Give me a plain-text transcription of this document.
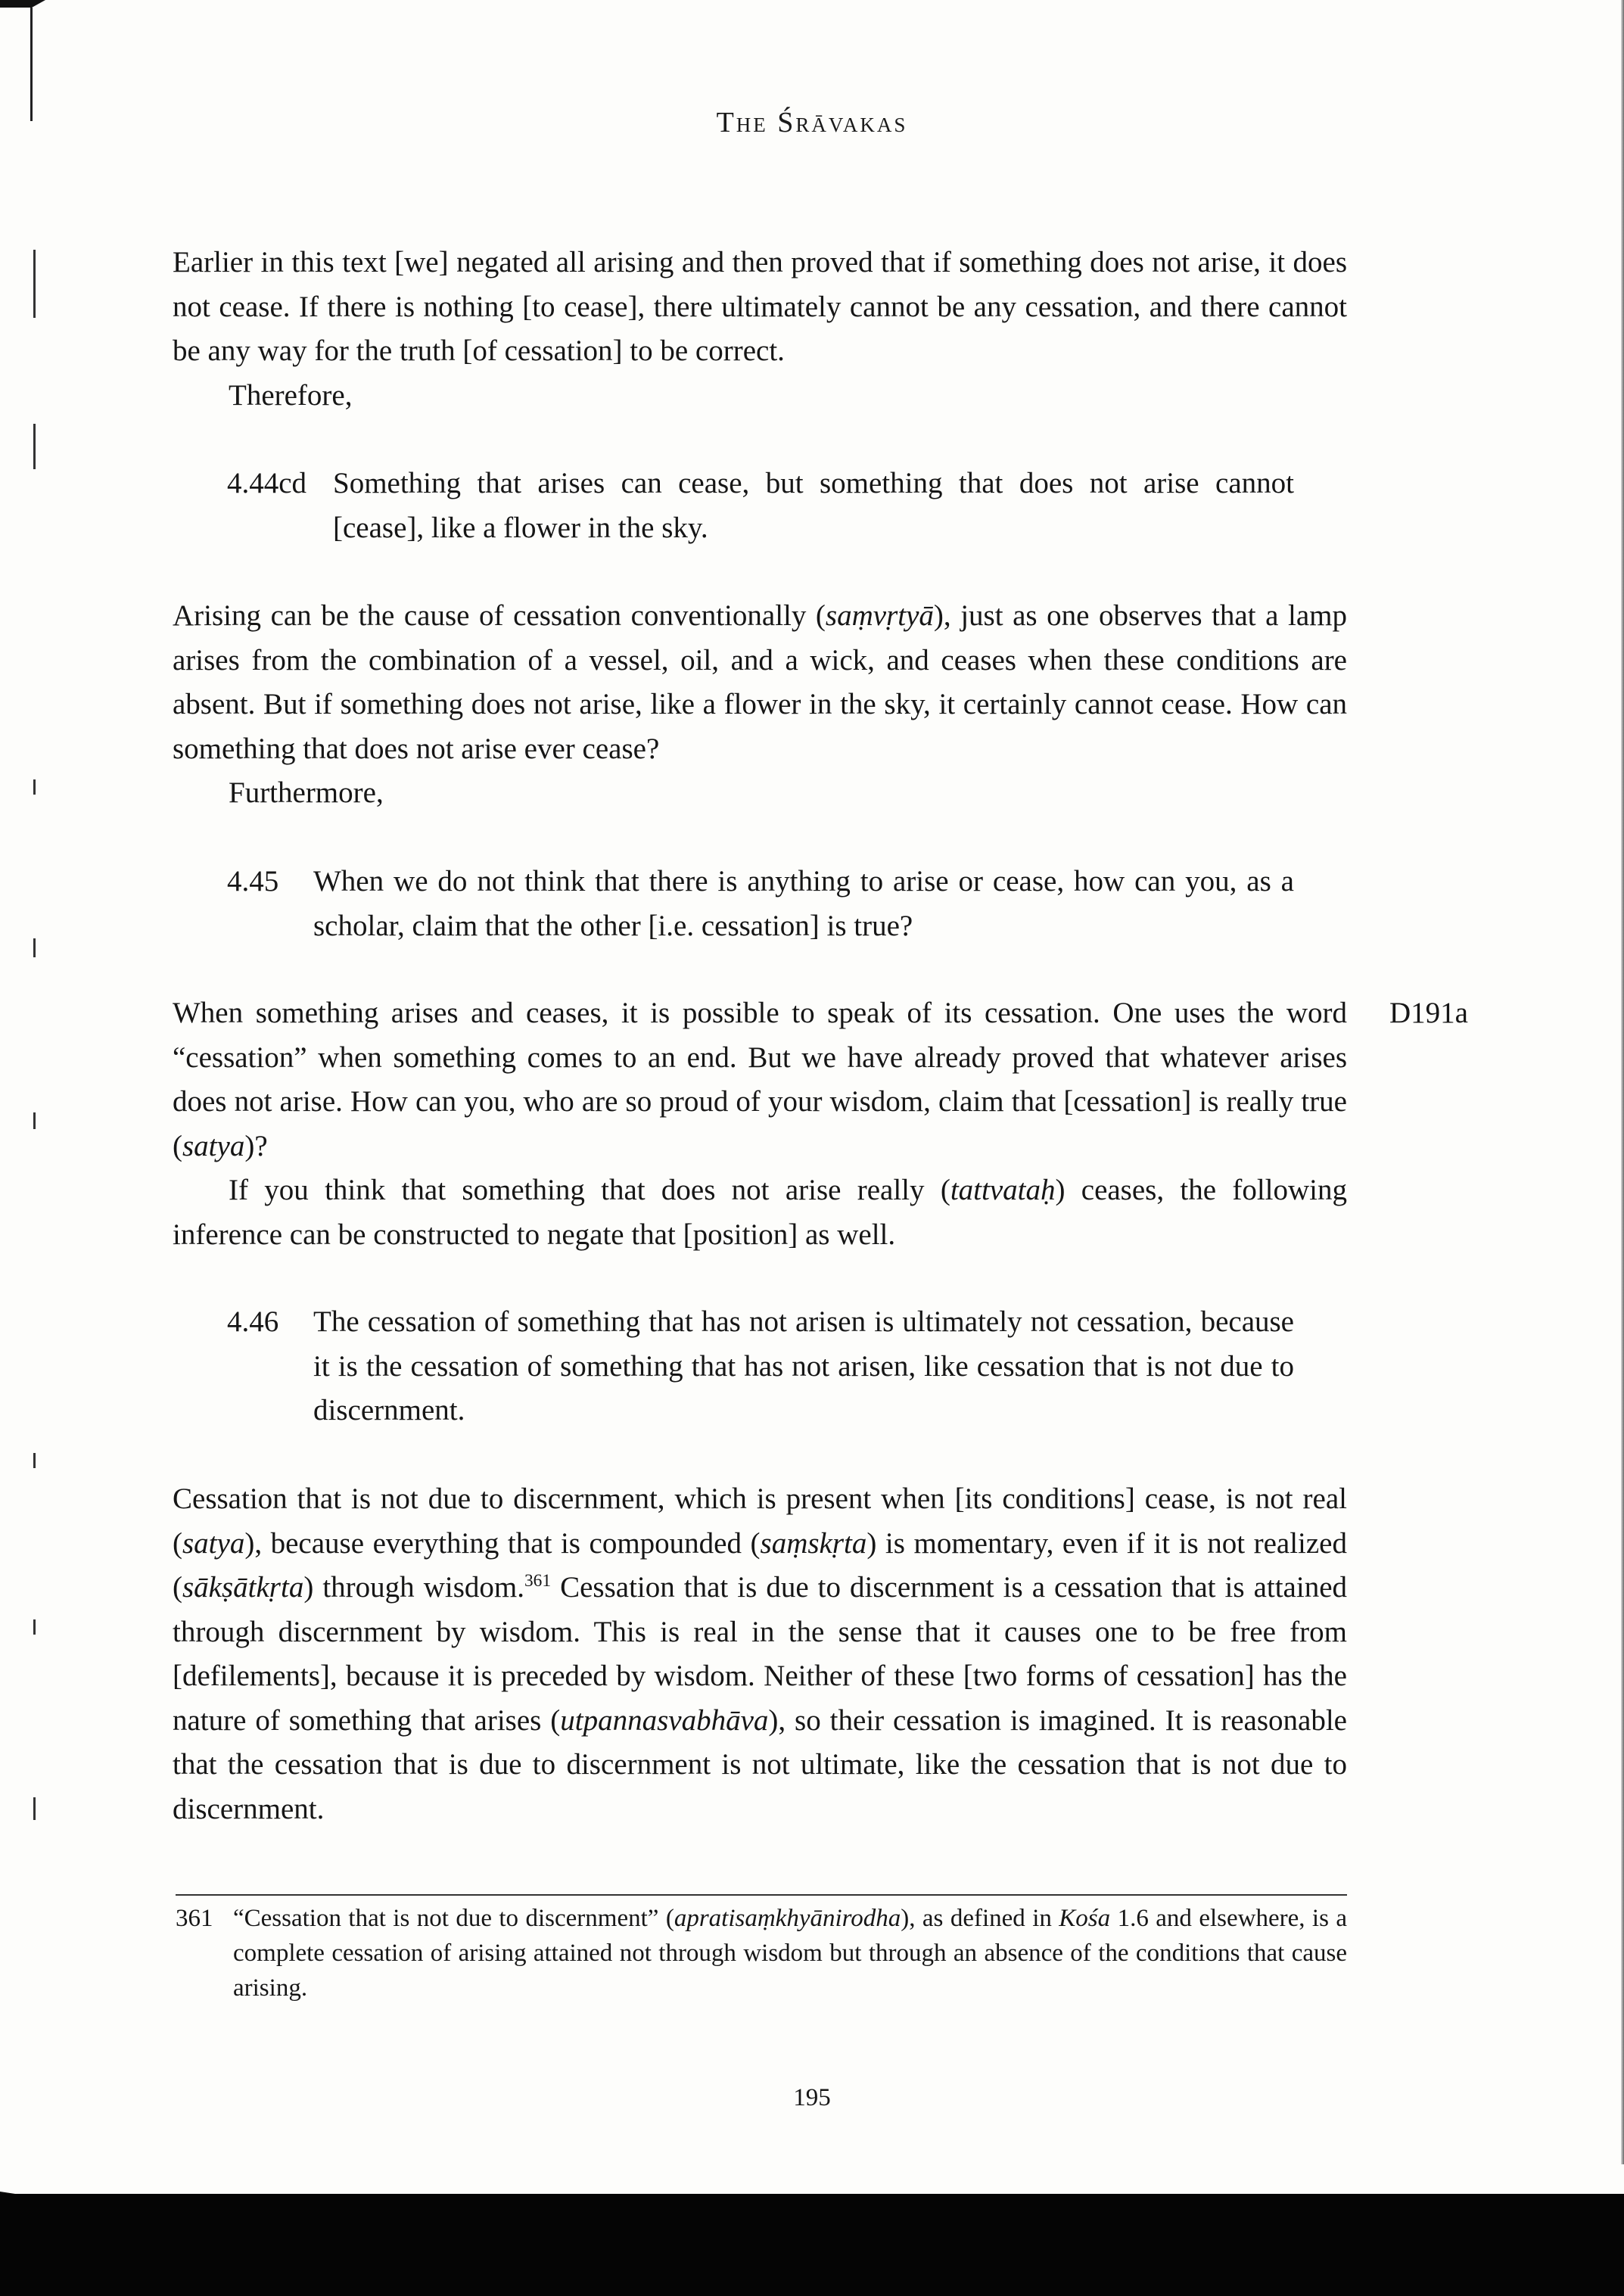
The Śrāvakas

Earlier in this text [we] negated all arising and then proved that if something does not arise, it does not cease. If there is nothing [to cease], there ultimately cannot be any cessation, and there cannot be any way for the truth [of cessation] to be correct.

Therefore,

4.44cd Something that arises can cease, but something that does not arise cannot [cease], like a flower in the sky.

Arising can be the cause of cessation conventionally (saṃvṛtyā), just as one observes that a lamp arises from the combination of a vessel, oil, and a wick, and ceases when these conditions are absent. But if something does not arise, like a flower in the sky, it certainly cannot cease. How can something that does not arise ever cease?

Furthermore,

4.45	When we do not think that there is anything to arise or cease, how can you, as a scholar, claim that the other [i.e. cessation] is true?
D191a

When something arises and ceases, it is possible to speak of its cessation. One uses the word “cessation” when something comes to an end. But we have already proved that whatever arises does not arise. How can you, who are so proud of your wisdom, claim that [cessation] is really true (satya)?

If you think that something that does not arise really (tattvataḥ) ceases, the following inference can be constructed to negate that [position] as well.

4.46	The cessation of something that has not arisen is ultimately not cessation, because it is the cessation of something that has not arisen, like cessation that is not due to discernment.

Cessation that is not due to discernment, which is present when [its conditions] cease, is not real (satya), because everything that is compounded (saṃskṛta) is momentary, even if it is not realized (sākṣātkṛta) through wisdom.$^{361}$ Cessation that is due to discernment is a cessation that is attained through discernment by wisdom. This is real in the sense that it causes one to be free from [defilements], because it is preceded by wisdom. Neither of these [two forms of cessation] has the nature of something that arises (utpannasvabhāva), so their cessation is imagined. It is reasonable that the cessation that is due to discernment is not ultimate, like the cessation that is not due to discernment.

361 “Cessation that is not due to discernment” (apratisaṃkhyānirodha), as defined in Kośa 1.6 and elsewhere, is a complete cessation of arising attained not through wisdom but through an absence of the conditions that cause arising.
195
